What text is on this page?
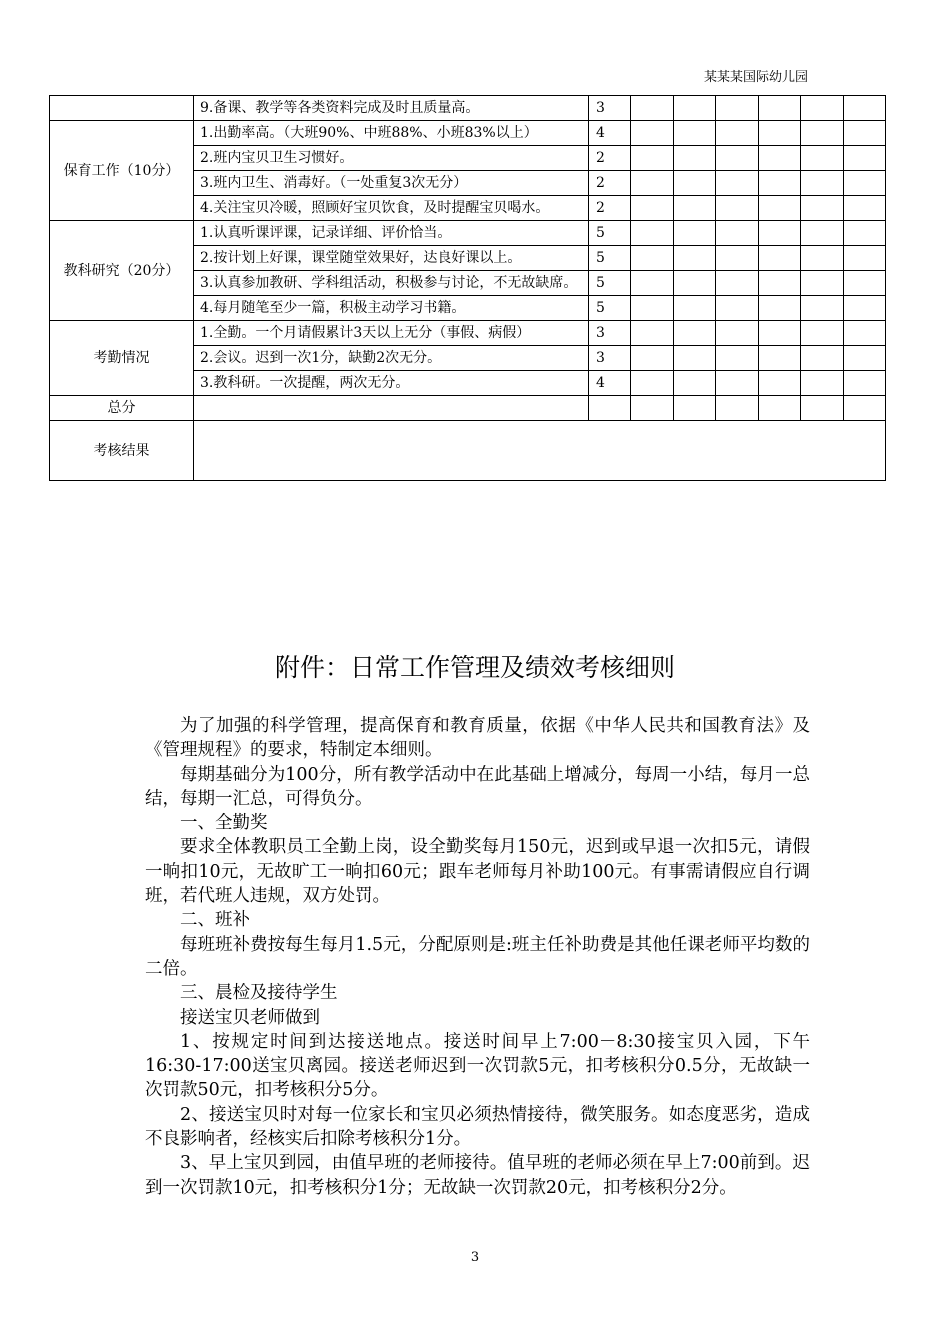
某某某国际幼儿园
	9.备课、教学等各类资料完成及时且质量高。	3						
保育工作（10分）	1.出勤率高。（大班90%、中班88%、小班83%以上）	4						
	2.班内宝贝卫生习惯好。	2						
	3.班内卫生、消毒好。（一处重复3次无分）	2						
	4.关注宝贝冷暖，照顾好宝贝饮食，及时提醒宝贝喝水。	2						
教科研究（20分）	1.认真听课评课，记录详细、评价恰当。	5						
	2.按计划上好课，课堂随堂效果好，达良好课以上。	5						
	3.认真参加教研、学科组活动，积极参与讨论，不无故缺席。	5						
	4.每月随笔至少一篇，积极主动学习书籍。	5						
考勤情况	1.全勤。一个月请假累计3天以上无分（事假、病假）	3						
	2.会议。迟到一次1分，缺勤2次无分。	3						
	3.教科研。一次提醒，两次无分。	4						
总分								
考核结果								
附件：日常工作管理及绩效考核细则

为了加强的科学管理，提高保育和教育质量，依据《中华人民共和国教育法》及《管理规程》的要求，特制定本细则。

每期基础分为100分，所有教学活动中在此基础上增减分，每周一小结，每月一总结，每期一汇总，可得负分。

一、全勤奖

要求全体教职员工全勤上岗，设全勤奖每月150元，迟到或早退一次扣5元，请假一晌扣10元，无故旷工一晌扣60元；跟车老师每月补助100元。有事需请假应自行调班，若代班人违规，双方处罚。

二、班补

每班班补费按每生每月1.5元，分配原则是:班主任补助费是其他任课老师平均数的二倍。

三、晨检及接待学生

接送宝贝老师做到

1、按规定时间到达接送地点。接送时间早上7:00－8:30接宝贝入园，下午16:30-17:00送宝贝离园。接送老师迟到一次罚款5元，扣考核积分0.5分，无故缺一次罚款50元，扣考核积分5分。

2、接送宝贝时对每一位家长和宝贝必须热情接待，微笑服务。如态度恶劣，造成不良影响者，经核实后扣除考核积分1分。

3、早上宝贝到园，由值早班的老师接待。值早班的老师必须在早上7:00前到。迟到一次罚款10元，扣考核积分1分；无故缺一次罚款20元，扣考核积分2分。

3
